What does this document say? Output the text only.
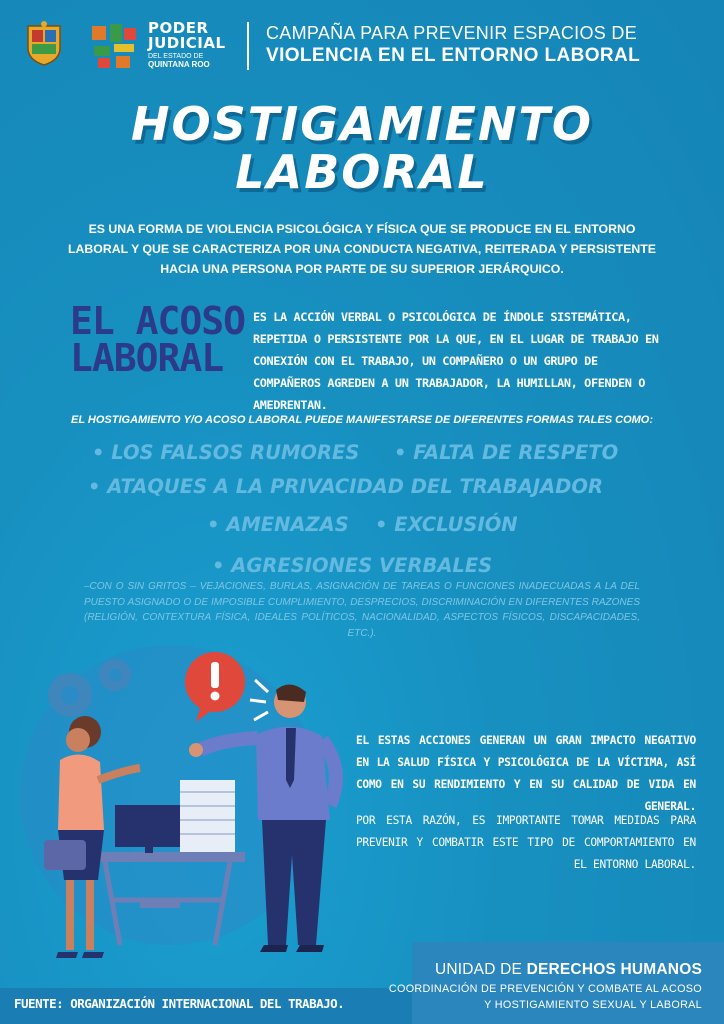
PODER
JUDICIAL
DEL ESTADO DE
QUINTANA ROO
CAMPAÑA PARA PREVENIR ESPACIOS DE
VIOLENCIA EN EL ENTORNO LABORAL
HOSTIGAMIENTO
LABORAL
ES UNA FORMA DE VIOLENCIA PSICOLÓGICA Y FÍSICA QUE SE PRODUCE EN EL ENTORNO LABORAL Y QUE SE CARACTERIZA POR UNA CONDUCTA NEGATIVA, REITERADA Y PERSISTENTE HACIA UNA PERSONA POR PARTE DE SU SUPERIOR JERÁRQUICO.
EL ACOSO
LABORAL
ES LA ACCIÓN VERBAL O PSICOLÓGICA DE ÍNDOLE SISTEMÁTICA, REPETIDA O PERSISTENTE POR LA QUE, EN EL LUGAR DE TRABAJO EN CONEXIÓN CON EL TRABAJO, UN COMPAÑERO O UN GRUPO DE COMPAÑEROS AGREDEN A UN TRABAJADOR, LA HUMILLAN, OFENDEN O AMEDRENTAN.
EL HOSTIGAMIENTO Y/O ACOSO LABORAL PUEDE MANIFESTARSE DE DIFERENTES FORMAS TALES COMO:
• LOS FALSOS RUMORES • FALTA DE RESPETO
• ATAQUES A LA PRIVACIDAD DEL TRABAJADOR
• AMENAZAS • EXCLUSIÓN
• AGRESIONES VERBALES
–CON O SIN GRITOS – VEJACIONES, BURLAS, ASIGNACIÓN DE TAREAS O FUNCIONES INADECUADAS A LA DEL PUESTO ASIGNADO O DE IMPOSIBLE CUMPLIMIENTO, DESPRECIOS, DISCRIMINACIÓN EN DIFERENTES RAZONES (RELIGIÓN, CONTEXTURA FÍSICA, IDEALES POLÍTICOS, NACIONALIDAD, ASPECTOS FÍSICOS, DISCAPACIDADES, ETC.).
EL ESTAS ACCIONES GENERAN UN GRAN IMPACTO NEGATIVO EN LA SALUD FÍSICA Y PSICOLÓGICA DE LA VÍCTIMA, ASÍ COMO EN SU RENDIMIENTO Y EN SU CALIDAD DE VIDA EN GENERAL.
POR ESTA RAZÓN, ES IMPORTANTE TOMAR MEDIDAS PARA PREVENIR Y COMBATIR ESTE TIPO DE COMPORTAMIENTO EN EL ENTORNO LABORAL.
FUENTE: ORGANIZACIÓN INTERNACIONAL DEL TRABAJO.
UNIDAD DE DERECHOS HUMANOS
COORDINACIÓN DE PREVENCIÓN Y COMBATE AL ACOSO
Y HOSTIGAMIENTO SEXUAL Y LABORAL
